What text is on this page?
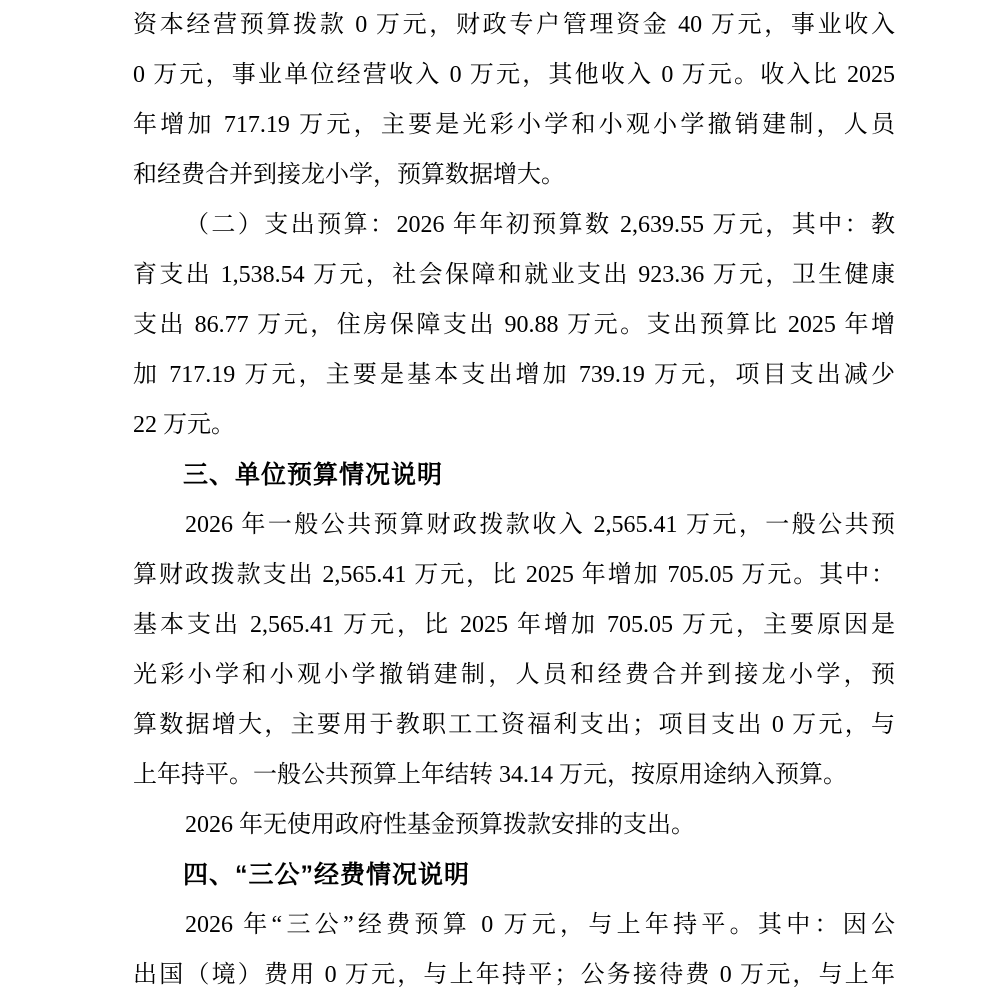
资本经营预算拨款 0 万元，财政专户管理资金 40 万元，事业收入
0 万元，事业单位经营收入 0 万元，其他收入 0 万元。收入比 2025
年增加 717.19 万元，主要是光彩小学和小观小学撤销建制，人员
和经费合并到接龙小学，预算数据增大。
（二）支出预算：2026 年年初预算数 2,639.55 万元，其中：教
育支出 1,538.54 万元，社会保障和就业支出 923.36 万元，卫生健康
支出 86.77 万元，住房保障支出 90.88 万元。支出预算比 2025 年增
加 717.19 万元，主要是基本支出增加 739.19 万元，项目支出减少
22 万元。
三、单位预算情况说明
2026 年一般公共预算财政拨款收入 2,565.41 万元，一般公共预
算财政拨款支出 2,565.41 万元，比 2025 年增加 705.05 万元。其中：
基本支出 2,565.41 万元，比 2025 年增加 705.05 万元，主要原因是
光彩小学和小观小学撤销建制，人员和经费合并到接龙小学，预
算数据增大，主要用于教职工工资福利支出；项目支出 0 万元，与
上年持平。一般公共预算上年结转 34.14 万元，按原用途纳入预算。
2026 年无使用政府性基金预算拨款安排的支出。
四、“三公”经费情况说明
2026 年“三公”经费预算 0 万元，与上年持平。其中：因公
出国（境）费用 0 万元，与上年持平；公务接待费 0 万元，与上年
